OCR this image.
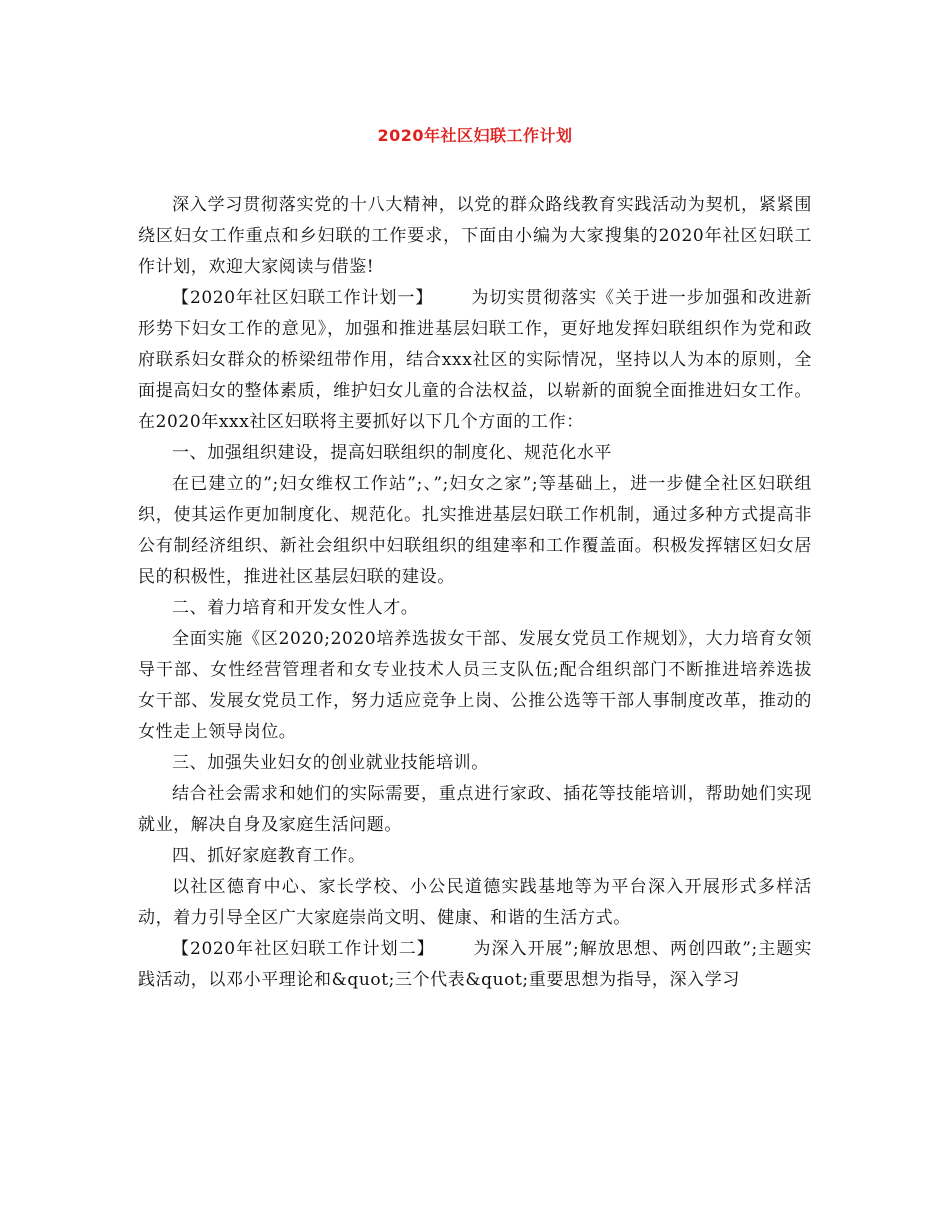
2020年社区妇联工作计划

深入学习贯彻落实党的十八大精神，以党的群众路线教育实践活动为契机，紧紧围绕区妇女工作重点和乡妇联的工作要求，下面由小编为大家搜集的2020年社区妇联工作计划，欢迎大家阅读与借鉴!

【2020年社区妇联工作计划一】      为切实贯彻落实《关于进一步加强和改进新形势下妇女工作的意见》，加强和推进基层妇联工作，更好地发挥妇联组织作为党和政府联系妇女群众的桥梁纽带作用，结合xxx社区的实际情况，坚持以人为本的原则，全面提高妇女的整体素质，维护妇女儿童的合法权益，以崭新的面貌全面推进妇女工作。在2020年xxx社区妇联将主要抓好以下几个方面的工作：

一、加强组织建设，提高妇联组织的制度化、规范化水平

在已建立的”;妇女维权工作站”;、”;妇女之家”;等基础上，进一步健全社区妇联组织，使其运作更加制度化、规范化。扎实推进基层妇联工作机制，通过多种方式提高非公有制经济组织、新社会组织中妇联组织的组建率和工作覆盖面。积极发挥辖区妇女居民的积极性，推进社区基层妇联的建设。

二、着力培育和开发女性人才。

全面实施《区2020;2020培养选拔女干部、发展女党员工作规划》，大力培育女领导干部、女性经营管理者和女专业技术人员三支队伍;配合组织部门不断推进培养选拔女干部、发展女党员工作，努力适应竞争上岗、公推公选等干部人事制度改革，推动的女性走上领导岗位。

三、加强失业妇女的创业就业技能培训。

结合社会需求和她们的实际需要，重点进行家政、插花等技能培训，帮助她们实现就业，解决自身及家庭生活问题。

四、抓好家庭教育工作。

以社区德育中心、家长学校、小公民道德实践基地等为平台深入开展形式多样活动，着力引导全区广大家庭崇尚文明、健康、和谐的生活方式。

【2020年社区妇联工作计划二】      为深入开展”;解放思想、两创四敢”;主题实践活动，以邓小平理论和&quot;三个代表&quot;重要思想为指导，深入学习
